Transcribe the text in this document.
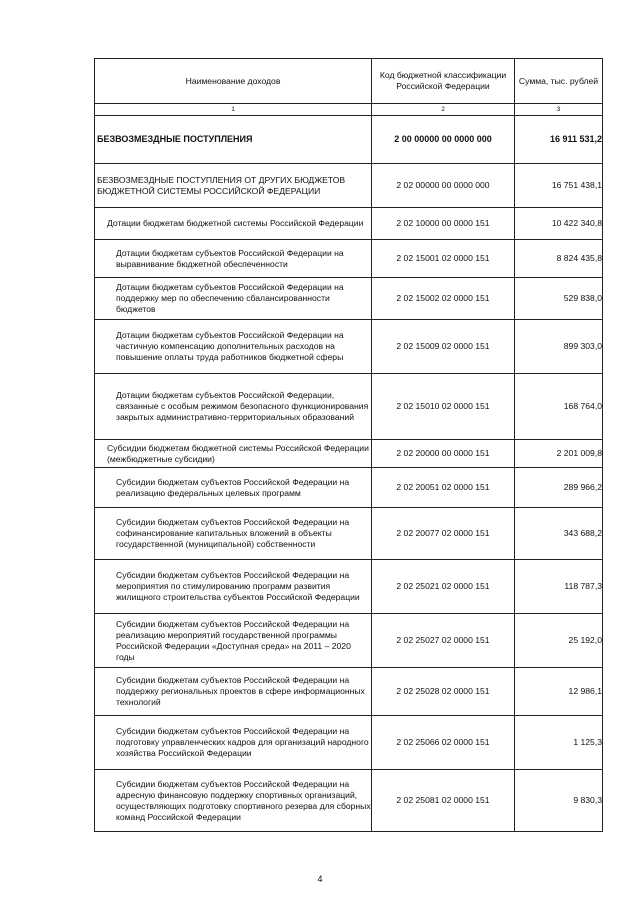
Наименование доходов	Код бюджетной классификации Российской Федерации	Сумма, тыс. рублей
1	2	3
БЕЗВОЗМЕЗДНЫЕ ПОСТУПЛЕНИЯ	2 00 00000 00 0000 000	16 911 531,2
БЕЗВОЗМЕЗДНЫЕ ПОСТУПЛЕНИЯ ОТ ДРУГИХ БЮДЖЕТОВ БЮДЖЕТНОЙ СИСТЕМЫ РОССИЙСКОЙ ФЕДЕРАЦИИ	2 02 00000 00 0000 000	16 751 438,1
Дотации бюджетам бюджетной системы Российской Федерации	2 02 10000 00 0000 151	10 422 340,8
Дотации бюджетам субъектов Российской Федерации на выравнивание бюджетной обеспеченности	2 02 15001 02 0000 151	8 824 435,8
Дотации бюджетам субъектов Российской Федерации на поддержку мер по обеспечению сбалансированности бюджетов	2 02 15002 02 0000 151	529 838,0
Дотации бюджетам субъектов Российской Федерации на частичную компенсацию дополнительных расходов на повышение оплаты труда работников бюджетной сферы	2 02 15009 02 0000 151	899 303,0
Дотации бюджетам субъектов Российской Федерации, связанные с особым режимом безопасного функционирования закрытых административно-территориальных образований	2 02 15010 02 0000 151	168 764,0
Субсидии бюджетам бюджетной системы Российской Федерации (межбюджетные субсидии)	2 02 20000 00 0000 151	2 201 009,8
Субсидии бюджетам субъектов Российской Федерации на реализацию федеральных целевых программ	2 02 20051 02 0000 151	289 966,2
Субсидии бюджетам субъектов Российской Федерации на софинансирование капитальных вложений в объекты государственной (муниципальной) собственности	2 02 20077 02 0000 151	343 688,2
Субсидии бюджетам субъектов Российской Федерации на мероприятия по стимулированию программ развития жилищного строительства субъектов Российской Федерации	2 02 25021 02 0000 151	118 787,3
Субсидии бюджетам субъектов Российской Федерации на реализацию мероприятий государственной программы Российской Федерации «Доступная среда» на 2011 – 2020 годы	2 02 25027 02 0000 151	25 192,0
Субсидии бюджетам субъектов Российской Федерации на поддержку региональных проектов в сфере информационных технологий	2 02 25028 02 0000 151	12 986,1
Субсидии бюджетам субъектов Российской Федерации на подготовку управленческих кадров для организаций народного хозяйства Российской Федерации	2 02 25066 02 0000 151	1 125,3
Субсидии бюджетам субъектов Российской Федерации на адресную финансовую поддержку спортивных организаций, осуществляющих подготовку спортивного резерва для сборных команд Российской Федерации	2 02 25081 02 0000 151	9 830,3
4
